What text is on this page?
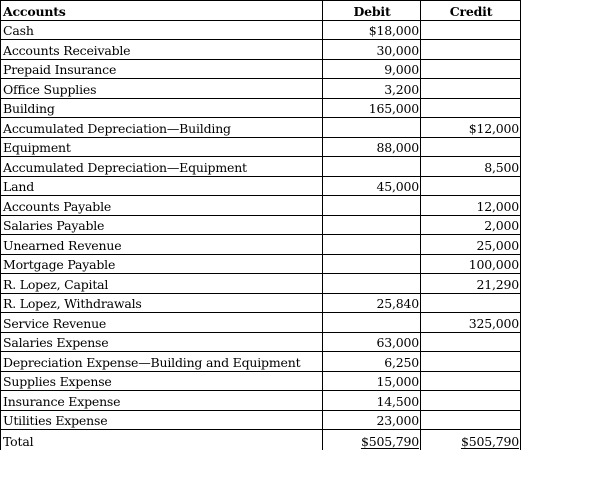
Accounts	Debit	Credit
Cash	$18,000	
Accounts Receivable	30,000	
Prepaid Insurance	9,000	
Office Supplies	3,200	
Building	165,000	
Accumulated Depreciation—Building		$12,000
Equipment	88,000	
Accumulated Depreciation—Equipment		8,500
Land	45,000	
Accounts Payable		12,000
Salaries Payable		2,000
Unearned Revenue		25,000
Mortgage Payable		100,000
R. Lopez, Capital		21,290
R. Lopez, Withdrawals	25,840	
Service Revenue		325,000
Salaries Expense	63,000	
Depreciation Expense—Building and Equipment	6,250	
Supplies Expense	15,000	
Insurance Expense	14,500	
Utilities Expense	23,000	
Total	$505,790	$505,790
